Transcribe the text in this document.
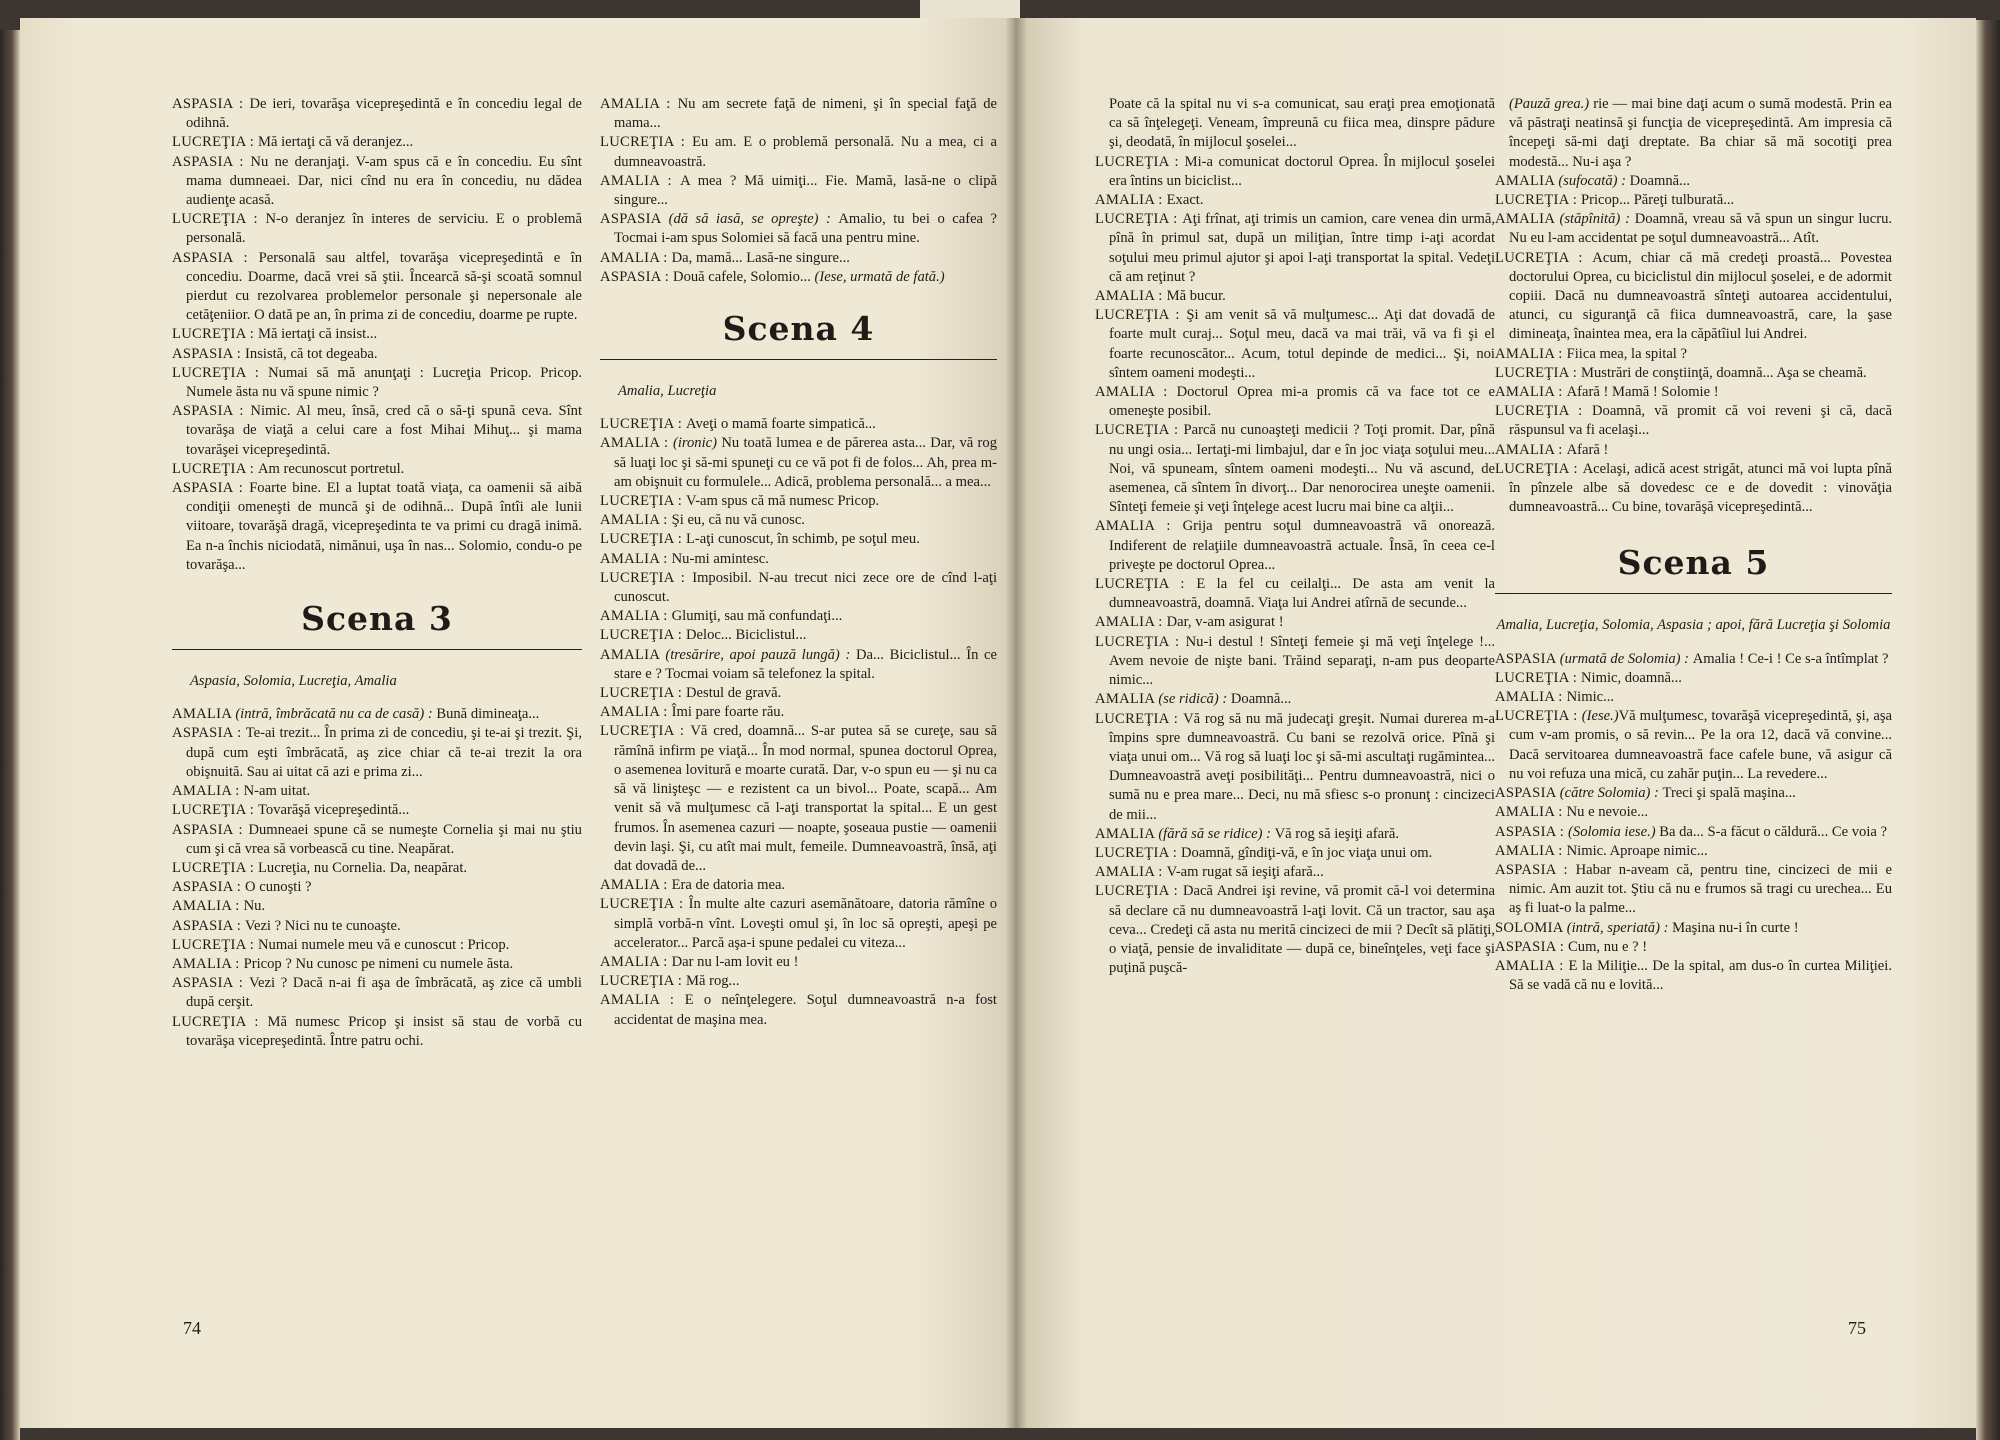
ASPASIA : De ieri, tovarăşa vicepreşedintă e în concediu legal de odihnă.

LUCREŢIA : Mă iertaţi că vă deranjez...

ASPASIA : Nu ne deranjaţi. V-am spus că e în concediu. Eu sînt mama dumneaei. Dar, nici cînd nu era în concediu, nu dădea audienţe acasă.

LUCREŢIA : N-o deranjez în interes de serviciu. E o problemă personală.

ASPASIA : Personală sau altfel, tovarăşa vicepreşedintă e în concediu. Doarme, dacă vrei să ştii. Încearcă să-şi scoată somnul pierdut cu rezolvarea problemelor personale şi nepersonale ale cetăţeniior. O dată pe an, în prima zi de concediu, doarme pe rupte.

LUCREŢIA : Mă iertaţi că insist...

ASPASIA : Insistă, că tot degeaba.

LUCREŢIA : Numai să mă anunţaţi : Lucreţia Pricop. Pricop. Numele ăsta nu vă spune nimic ?

ASPASIA : Nimic. Al meu, însă, cred că o să-ţi spună ceva. Sînt tovarăşa de viaţă a celui care a fost Mihai Mihuţ... şi mama tovarăşei vicepreşedintă.

LUCREŢIA : Am recunoscut portretul.

ASPASIA : Foarte bine. El a luptat toată viaţa, ca oamenii să aibă condiţii omeneşti de muncă şi de odihnă... După întîi ale lunii viitoare, tovarăşă dragă, vicepreşedinta te va primi cu dragă inimă. Ea n-a închis niciodată, nimănui, uşa în nas... Solomio, condu-o pe tovarăşa...

Scena 3
Aspasia, Solomia, Lucreţia, Amalia

AMALIA (intră, îmbrăcată nu ca de casă) : Bună dimineaţa...

ASPASIA : Te-ai trezit... În prima zi de concediu, şi te-ai şi trezit. Şi, după cum eşti îmbrăcată, aş zice chiar că te-ai trezit la ora obişnuită. Sau ai uitat că azi e prima zi...

AMALIA : N-am uitat.

LUCREŢIA : Tovarăşă vicepreşedintă...

ASPASIA : Dumneaei spune că se numeşte Cornelia şi mai nu ştiu cum şi că vrea să vorbească cu tine. Neapărat.

LUCREŢIA : Lucreţia, nu Cornelia. Da, neapărat.

ASPASIA : O cunoşti ?

AMALIA : Nu.

ASPASIA : Vezi ? Nici nu te cunoaşte.

LUCREŢIA : Numai numele meu vă e cunoscut : Pricop.

AMALIA : Pricop ? Nu cunosc pe nimeni cu numele ăsta.

ASPASIA : Vezi ? Dacă n-ai fi aşa de îmbrăcată, aş zice că umbli după cerşit.

LUCREŢIA : Mă numesc Pricop şi insist să stau de vorbă cu tovarăşa vicepreşedintă. Între patru ochi.

AMALIA : Nu am secrete faţă de nimeni, şi în special faţă de mama...

LUCREŢIA : Eu am. E o problemă personală. Nu a mea, ci a dumneavoastră.

AMALIA : A mea ? Mă uimiţi... Fie. Mamă, lasă-ne o clipă singure...

ASPASIA (dă să iasă, se opreşte) : Amalio, tu bei o cafea ? Tocmai i-am spus Solomiei să facă una pentru mine.

AMALIA : Da, mamă... Lasă-ne singure...

ASPASIA : Două cafele, Solomio... (Iese, urmată de fată.)

Scena 4
Amalia, Lucreţia

LUCREŢIA : Aveţi o mamă foarte simpatică...

AMALIA : (ironic) Nu toată lumea e de părerea asta... Dar, vă rog să luaţi loc şi să-mi spuneţi cu ce vă pot fi de folos... Ah, prea m-am obişnuit cu formulele... Adică, problema personală... a mea...

LUCREŢIA : V-am spus că mă numesc Pricop.

AMALIA : Şi eu, că nu vă cunosc.

LUCREŢIA : L-aţi cunoscut, în schimb, pe soţul meu.

AMALIA : Nu-mi amintesc.

LUCREŢIA : Imposibil. N-au trecut nici zece ore de cînd l-aţi cunoscut.

AMALIA : Glumiţi, sau mă confundaţi...

LUCREŢIA : Deloc... Biciclistul...

AMALIA (tresărire, apoi pauză lungă) : Da... Biciclistul... În ce stare e ? Tocmai voiam să telefonez la spital.

LUCREŢIA : Destul de gravă.

AMALIA : Îmi pare foarte rău.

LUCREŢIA : Vă cred, doamnă... S-ar putea să se cureţe, sau să rămînă infirm pe viaţă... În mod normal, spunea doctorul Oprea, o asemenea lovitură e moarte curată. Dar, v-o spun eu — şi nu ca să vă linişteşc — e rezistent ca un bivol... Poate, scapă... Am venit să vă mulţumesc că l-aţi transportat la spital... E un gest frumos. În asemenea cazuri — noapte, şoseaua pustie — oamenii devin laşi. Şi, cu atît mai mult, femeile. Dumneavoastră, însă, aţi dat dovadă de...

AMALIA : Era de datoria mea.

LUCREŢIA : În multe alte cazuri asemănătoare, datoria rămîne o simplă vorbă-n vînt. Loveşti omul şi, în loc să opreşti, apeşi pe accelerator... Parcă aşa-i spune pedalei cu viteza...

AMALIA : Dar nu l-am lovit eu !

LUCREŢIA : Mă rog...

AMALIA : E o neînţelegere. Soţul dumneavoastră n-a fost accidentat de maşina mea.

74

Poate că la spital nu vi s-a comunicat, sau eraţi prea emoţionată ca să înţelegeţi. Veneam, împreună cu fiica mea, dinspre pădure şi, deodată, în mijlocul şoselei...

LUCREŢIA : Mi-a comunicat doctorul Oprea. În mijlocul şoselei era întins un biciclist...

AMALIA : Exact.

LUCREŢIA : Aţi frînat, aţi trimis un camion, care venea din urmă, pînă în primul sat, după un miliţian, între timp i-aţi acordat soţului meu primul ajutor şi apoi l-aţi transportat la spital. Vedeţi că am reţinut ?

AMALIA : Mă bucur.

LUCREŢIA : Şi am venit să vă mulţumesc... Aţi dat dovadă de foarte mult curaj... Soţul meu, dacă va mai trăi, vă va fi şi el foarte recunoscător... Acum, totul depinde de medici... Şi, noi sîntem oameni modeşti...

AMALIA : Doctorul Oprea mi-a promis că va face tot ce e omeneşte posibil.

LUCREŢIA : Parcă nu cunoaşteţi medicii ? Toţi promit. Dar, pînă nu ungi osia... Iertaţi-mi limbajul, dar e în joc viaţa soţului meu... Noi, vă spuneam, sîntem oameni modeşti... Nu vă ascund, de asemenea, că sîntem în divorţ... Dar nenorocirea uneşte oamenii. Sînteţi femeie şi veţi înţelege acest lucru mai bine ca alţii...

AMALIA : Grija pentru soţul dumneavoastră vă onorează. Indiferent de relaţiile dumneavoastră actuale. Însă, în ceea ce-l priveşte pe doctorul Oprea...

LUCREŢIA : E la fel cu ceilalţi... De asta am venit la dumneavoastră, doamnă. Viaţa lui Andrei atîrnă de secunde...

AMALIA : Dar, v-am asigurat !

LUCREŢIA : Nu-i destul ! Sînteţi femeie şi mă veţi înţelege !... Avem nevoie de nişte bani. Trăind separaţi, n-am pus deoparte nimic...

AMALIA (se ridică) : Doamnă...

LUCREŢIA : Vă rog să nu mă judecaţi greşit. Numai durerea m-a împins spre dumneavoastră. Cu bani se rezolvă orice. Pînă şi viaţa unui om... Vă rog să luaţi loc şi să-mi ascultaţi rugămintea... Dumneavoastră aveţi posibilităţi... Pentru dumneavoastră, nici o sumă nu e prea mare... Deci, nu mă sfiesc s-o pronunţ : cincizeci de mii...

AMALIA (fără să se ridice) : Vă rog să ieşiţi afară.

LUCREŢIA : Doamnă, gîndiţi-vă, e în joc viaţa unui om.

AMALIA : V-am rugat să ieşiţi afară...

LUCREŢIA : Dacă Andrei işi revine, vă promit că-l voi determina să declare că nu dumneavoastră l-aţi lovit. Că un tractor, sau aşa ceva... Credeţi că asta nu merită cincizeci de mii ? Decît să plătiţi, o viaţă, pensie de invaliditate — după ce, bineînţeles, veţi face şi puţină puşcă-

(Pauză grea.) rie — mai bine daţi acum o sumă modestă. Prin ea vă păstraţi neatinsă şi funcţia de vicepreşedintă. Am impresia că începeţi să-mi daţi dreptate. Ba chiar să mă socotiţi prea modestă... Nu-i aşa ?

AMALIA (sufocată) : Doamnă...

LUCREŢIA : Pricop... Păreţi tulburată...

AMALIA (stăpînită) : Doamnă, vreau să vă spun un singur lucru. Nu eu l-am accidentat pe soţul dumneavoastră... Atît.

LUCREŢIA : Acum, chiar că mă credeţi proastă... Povestea doctorului Oprea, cu biciclistul din mijlocul şoselei, e de adormit copiii. Dacă nu dumneavoastră sînteţi autoarea accidentului, atunci, cu siguranţă că fiica dumneavoastră, care, la şase dimineaţa, înaintea mea, era la căpătîiul lui Andrei.

AMALIA : Fiica mea, la spital ?

LUCREŢIA : Mustrări de conştiinţă, doamnă... Aşa se cheamă.

AMALIA : Afară ! Mamă ! Solomie !

LUCREŢIA : Doamnă, vă promit că voi reveni şi că, dacă răspunsul va fi acelaşi...

AMALIA : Afară !

LUCREŢIA : Acelaşi, adică acest strigăt, atunci mă voi lupta pînă în pînzele albe să dovedesc ce e de dovedit : vinovăţia dumneavoastră... Cu bine, tovarăşă vicepreşedintă...

Scena 5
Amalia, Lucreţia, Solomia, Aspasia ; apoi, fără Lucreţia şi Solomia

ASPASIA (urmată de Solomia) : Amalia ! Ce-i ! Ce s-a întîmplat ?

LUCREŢIA : Nimic, doamnă...

AMALIA : Nimic...

LUCREŢIA : (Iese.)Vă mulţumesc, tovarăşă vicepreşedintă, şi, aşa cum v-am promis, o să revin... Pe la ora 12, dacă vă convine... Dacă servitoarea dumneavoastră face cafele bune, vă asigur că nu voi refuza una mică, cu zahăr puţin... La revedere...

ASPASIA (către Solomia) : Treci şi spală maşina...

AMALIA : Nu e nevoie...

ASPASIA : (Solomia iese.) Ba da... S-a făcut o căldură... Ce voia ?

AMALIA : Nimic. Aproape nimic...

ASPASIA : Habar n-aveam că, pentru tine, cincizeci de mii e nimic. Am auzit tot. Ştiu că nu e frumos să tragi cu urechea... Eu aş fi luat-o la palme...

SOLOMIA (intră, speriată) : Maşina nu-i în curte !

ASPASIA : Cum, nu e ? !

AMALIA : E la Miliţie... De la spital, am dus-o în curtea Miliţiei. Să se vadă că nu e lovită...

75
